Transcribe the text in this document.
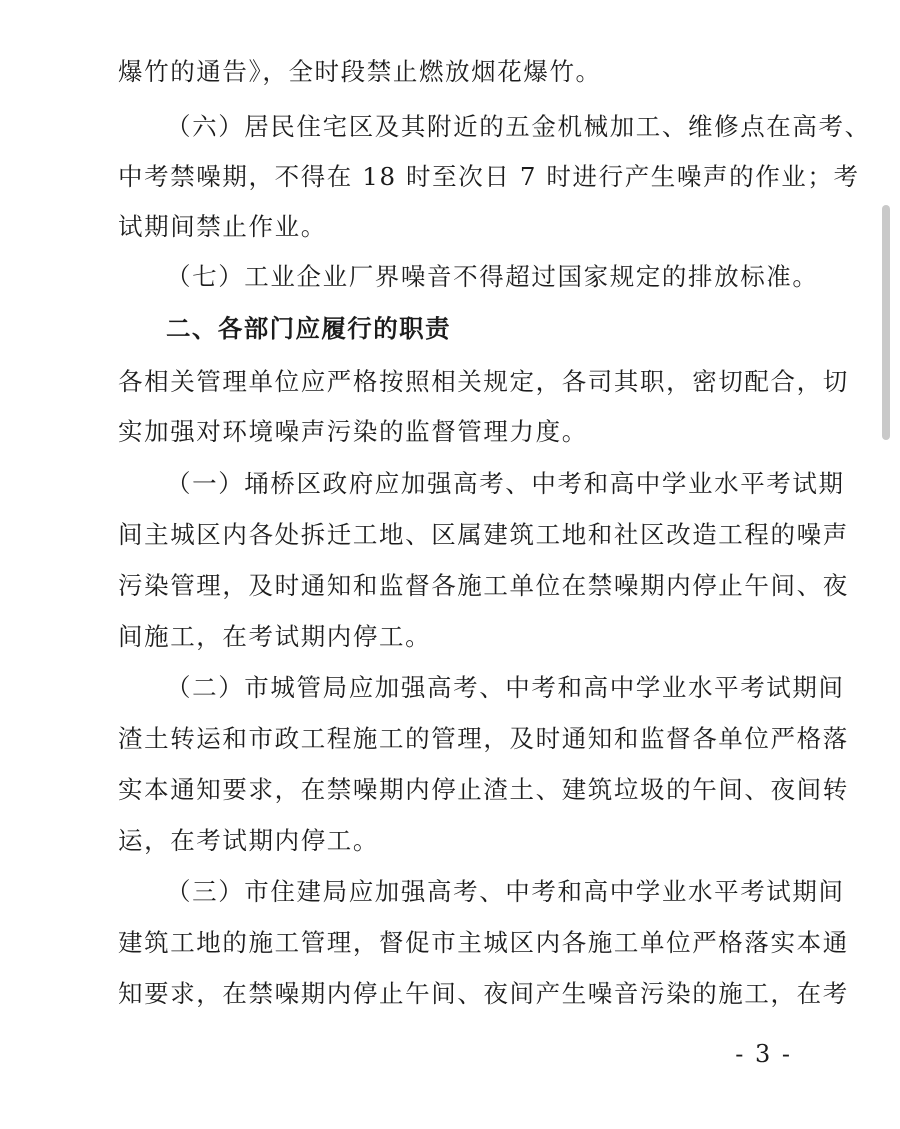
爆竹的通告》，全时段禁止燃放烟花爆竹。
（六）居民住宅区及其附近的五金机械加工、维修点在高考、
中考禁噪期，不得在 18 时至次日 7 时进行产生噪声的作业；考
试期间禁止作业。
（七）工业企业厂界噪音不得超过国家规定的排放标准。
二、各部门应履行的职责
各相关管理单位应严格按照相关规定，各司其职，密切配合，切
实加强对环境噪声污染的监督管理力度。
（一）埇桥区政府应加强高考、中考和高中学业水平考试期
间主城区内各处拆迁工地、区属建筑工地和社区改造工程的噪声
污染管理，及时通知和监督各施工单位在禁噪期内停止午间、夜
间施工，在考试期内停工。
（二）市城管局应加强高考、中考和高中学业水平考试期间
渣土转运和市政工程施工的管理，及时通知和监督各单位严格落
实本通知要求，在禁噪期内停止渣土、建筑垃圾的午间、夜间转
运，在考试期内停工。
（三）市住建局应加强高考、中考和高中学业水平考试期间
建筑工地的施工管理，督促市主城区内各施工单位严格落实本通
知要求，在禁噪期内停止午间、夜间产生噪音污染的施工，在考
- 3 -
